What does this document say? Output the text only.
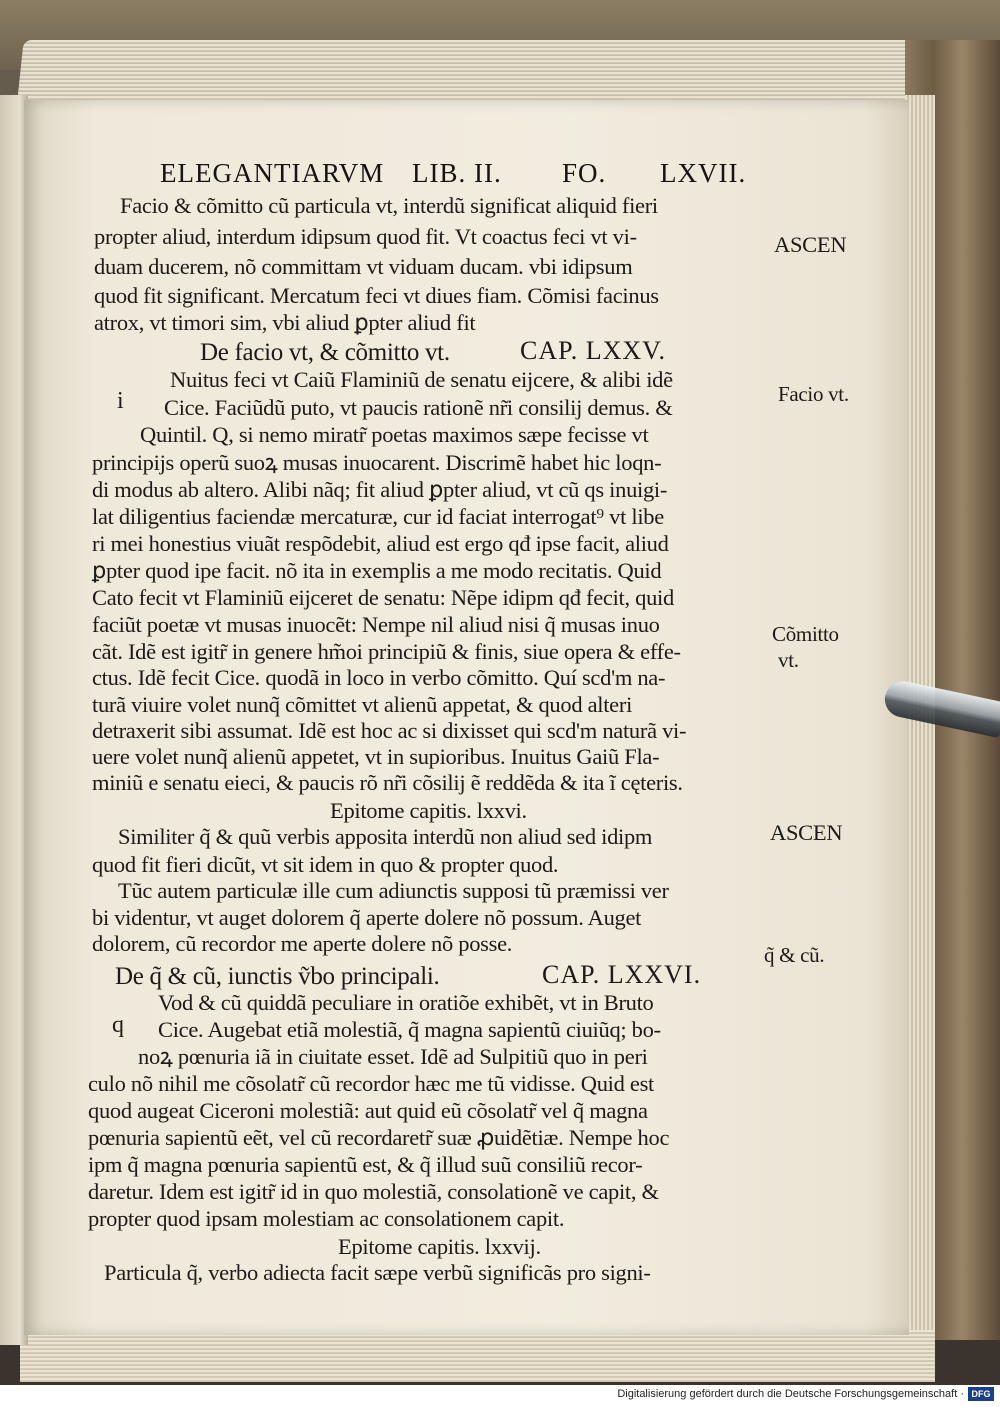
ELEGANTIARVM LIB. II. FO. LXVII.
Facio & cõmitto cũ particula vt, interdũ significat aliquid fieri
propter aliud, interdum idipsum quod fit. Vt coactus feci vt vi-
duam ducerem, nõ committam vt viduam ducam. vbi idipsum
quod fit significant. Mercatum feci vt diues fiam. Cõmisi facinus
atrox, vt timori sim, vbi aliud ꝑpter aliud fit
De facio vt, & cõmitto vt.	CAP. LXXV.
i
Nuitus feci vt Caiũ Flaminiũ de senatu eijcere, & alibi idẽ
Cice. Faciũdũ puto, vt paucis rationẽ nr̃i consilij demus. &
Quintil. Q, si nemo miratr̃ poetas maximos sæpe fecisse vt
principijs operũ suoꝝ musas inuocarent. Discrimẽ habet hic loqn-
di modus ab altero. Alibi nãq; fit aliud ꝑpter aliud, vt cũ qs inuigi-
lat diligentius faciendæ mercaturæ, cur id faciat interrogat⁹ vt libe
ri mei honestius viuãt respõdebit, aliud est ergo qđ ipse facit, aliud
ꝑpter quod ipe facit. nõ ita in exemplis a me modo recitatis. Quid
Cato fecit vt Flaminiũ eijceret de senatu: Nẽpe idipm qđ fecit, quid
faciũt poetæ vt musas inuocẽt: Nempe nil aliud nisi q̃ musas inuo
cãt. Idẽ est igitr̃ in genere hm̃oi principiũ & finis, siue opera & effe-
ctus. Idẽ fecit Cice. quodã in loco in verbo cõmitto. Quí scd'm na-
turã viuire volet nunq̃ cõmittet vt alienũ appetat, & quod alteri
detraxerit sibi assumat. Idẽ est hoc ac si dixisset qui scd'm naturã vi-
uere volet nunq̃ alienũ appetet, vt in supioribus. Inuitus Gaiũ Fla-
miniũ e senatu eieci, & paucis rõ nr̃i cõsilij ẽ reddẽda & ita ĩ cęteris.
Epitome capitis. lxxvi.
Similiter q̃ & quũ verbis apposita interdũ non aliud sed idipm
quod fit fieri dicũt, vt sit idem in quo & propter quod.
Tũc autem particulæ ille cum adiunctis supposi tũ præmissi ver
bi videntur, vt auget dolorem q̃ aperte dolere nõ possum. Auget
dolorem, cũ recordor me aperte dolere nõ posse.
De q̃ & cũ, iunctis ṽbo principali.	CAP. LXXVI.
q
Vod & cũ quiddã peculiare in oratiõe exhibẽt, vt in Bruto
Cice. Augebat etiã molestiã, q̃ magna sapientũ ciuiũq; bo-
noꝝ pœnuria iã in ciuitate esset. Idẽ ad Sulpitiũ quo in peri
culo nõ nihil me cõsolatr̃ cũ recordor hæc me tũ vidisse. Quid est
quod augeat Ciceroni molestiã: aut quid eũ cõsolatr̃ vel q̃ magna
pœnuria sapientũ eẽt, vel cũ recordaretr̃ suæ ꝓuidẽtiæ. Nempe hoc
ipm q̃ magna pœnuria sapientũ est, & q̃ illud suũ consiliũ recor-
daretur. Idem est igitr̃ id in quo molestiã, consolationẽ ve capit, &
propter quod ipsam molestiam ac consolationem capit.
Epitome capitis. lxxvij.
Particula q̃, verbo adiecta facit sæpe verbũ significãs pro signi-
ASCEN
Facio vt.
Cõmitto
vt.
ASCEN
q̃ & cũ.
Digitalisierung gefördert durch die Deutsche Forschungsgemeinschaft · DFG
